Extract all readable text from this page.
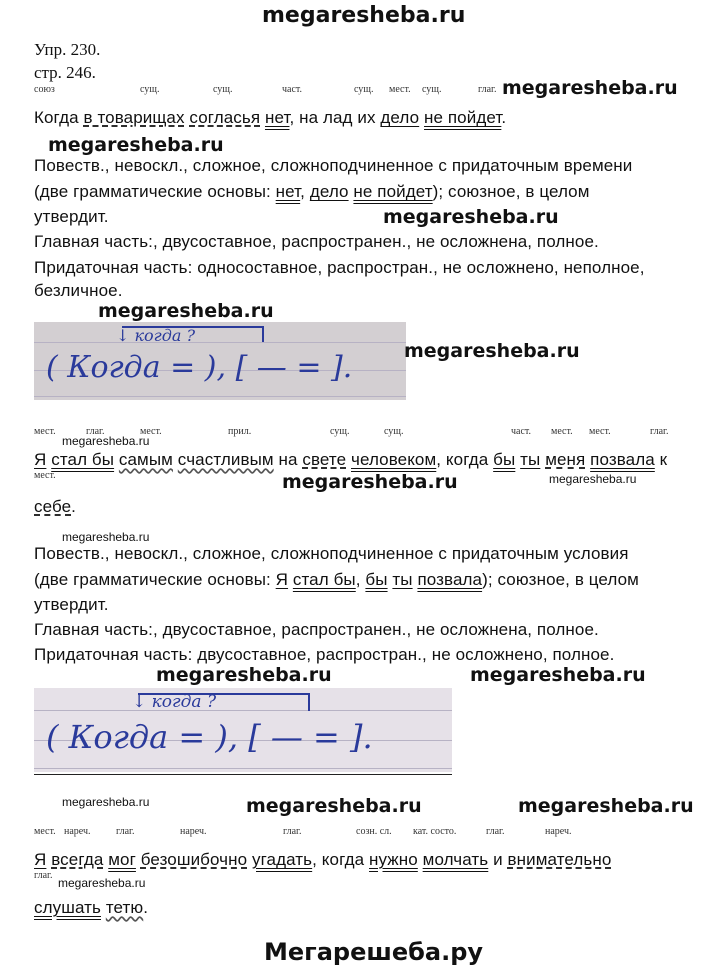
megaresheba.ru
Упр. 230.
стр. 246.
союз	сущ.	сущ.	част.	сущ. мест. сущ.	глаг. megaresheba.ru
Когда в товарищах согласья нет, на лад их дело не пойдет.
megaresheba.ru
Повеств., невоскл., сложное, сложноподчиненное с придаточным времени
(две грамматические основы: нет, дело не пойдет); союзное, в целом
утвердит.	megaresheba.ru
Главная часть:, двусоставное, распространен., не осложнена, полное.
Придаточная часть: односоставное, распростран., не осложнено, неполное,
безличное.
megaresheba.ru
↓ когда ?
( Когда = ), [ — = ].	megaresheba.ru
мест.	глаг.	мест.	прил.	сущ.	сущ.	част. мест. мест.	глаг.
megaresheba.ru
Я стал бы самым счастливым на свете человеком, когда бы ты меня позвала к
мест.	megaresheba.ru	megaresheba.ru
себе.
megaresheba.ru
Повеств., невоскл., сложное, сложноподчиненное с придаточным условия
(две грамматические основы: Я стал бы, бы ты позвала); союзное, в целом
утвердит.
Главная часть:, двусоставное, распространен., не осложнена, полное.
Придаточная часть: двусоставное, распростран., не осложнено, полное.
megaresheba.ru	megaresheba.ru
↓ когда ?
( Когда = ), [ — = ].
megaresheba.ru	megaresheba.ru	megaresheba.ru
мест. нареч.	глаг.	нареч.	глаг.	созн. сл. кат. состо.	глаг.	нареч.
Я всегда мог безошибочно угадать, когда нужно молчать и внимательно
глаг.
megaresheba.ru
слушать тетю.
Мегарешеба.ру
